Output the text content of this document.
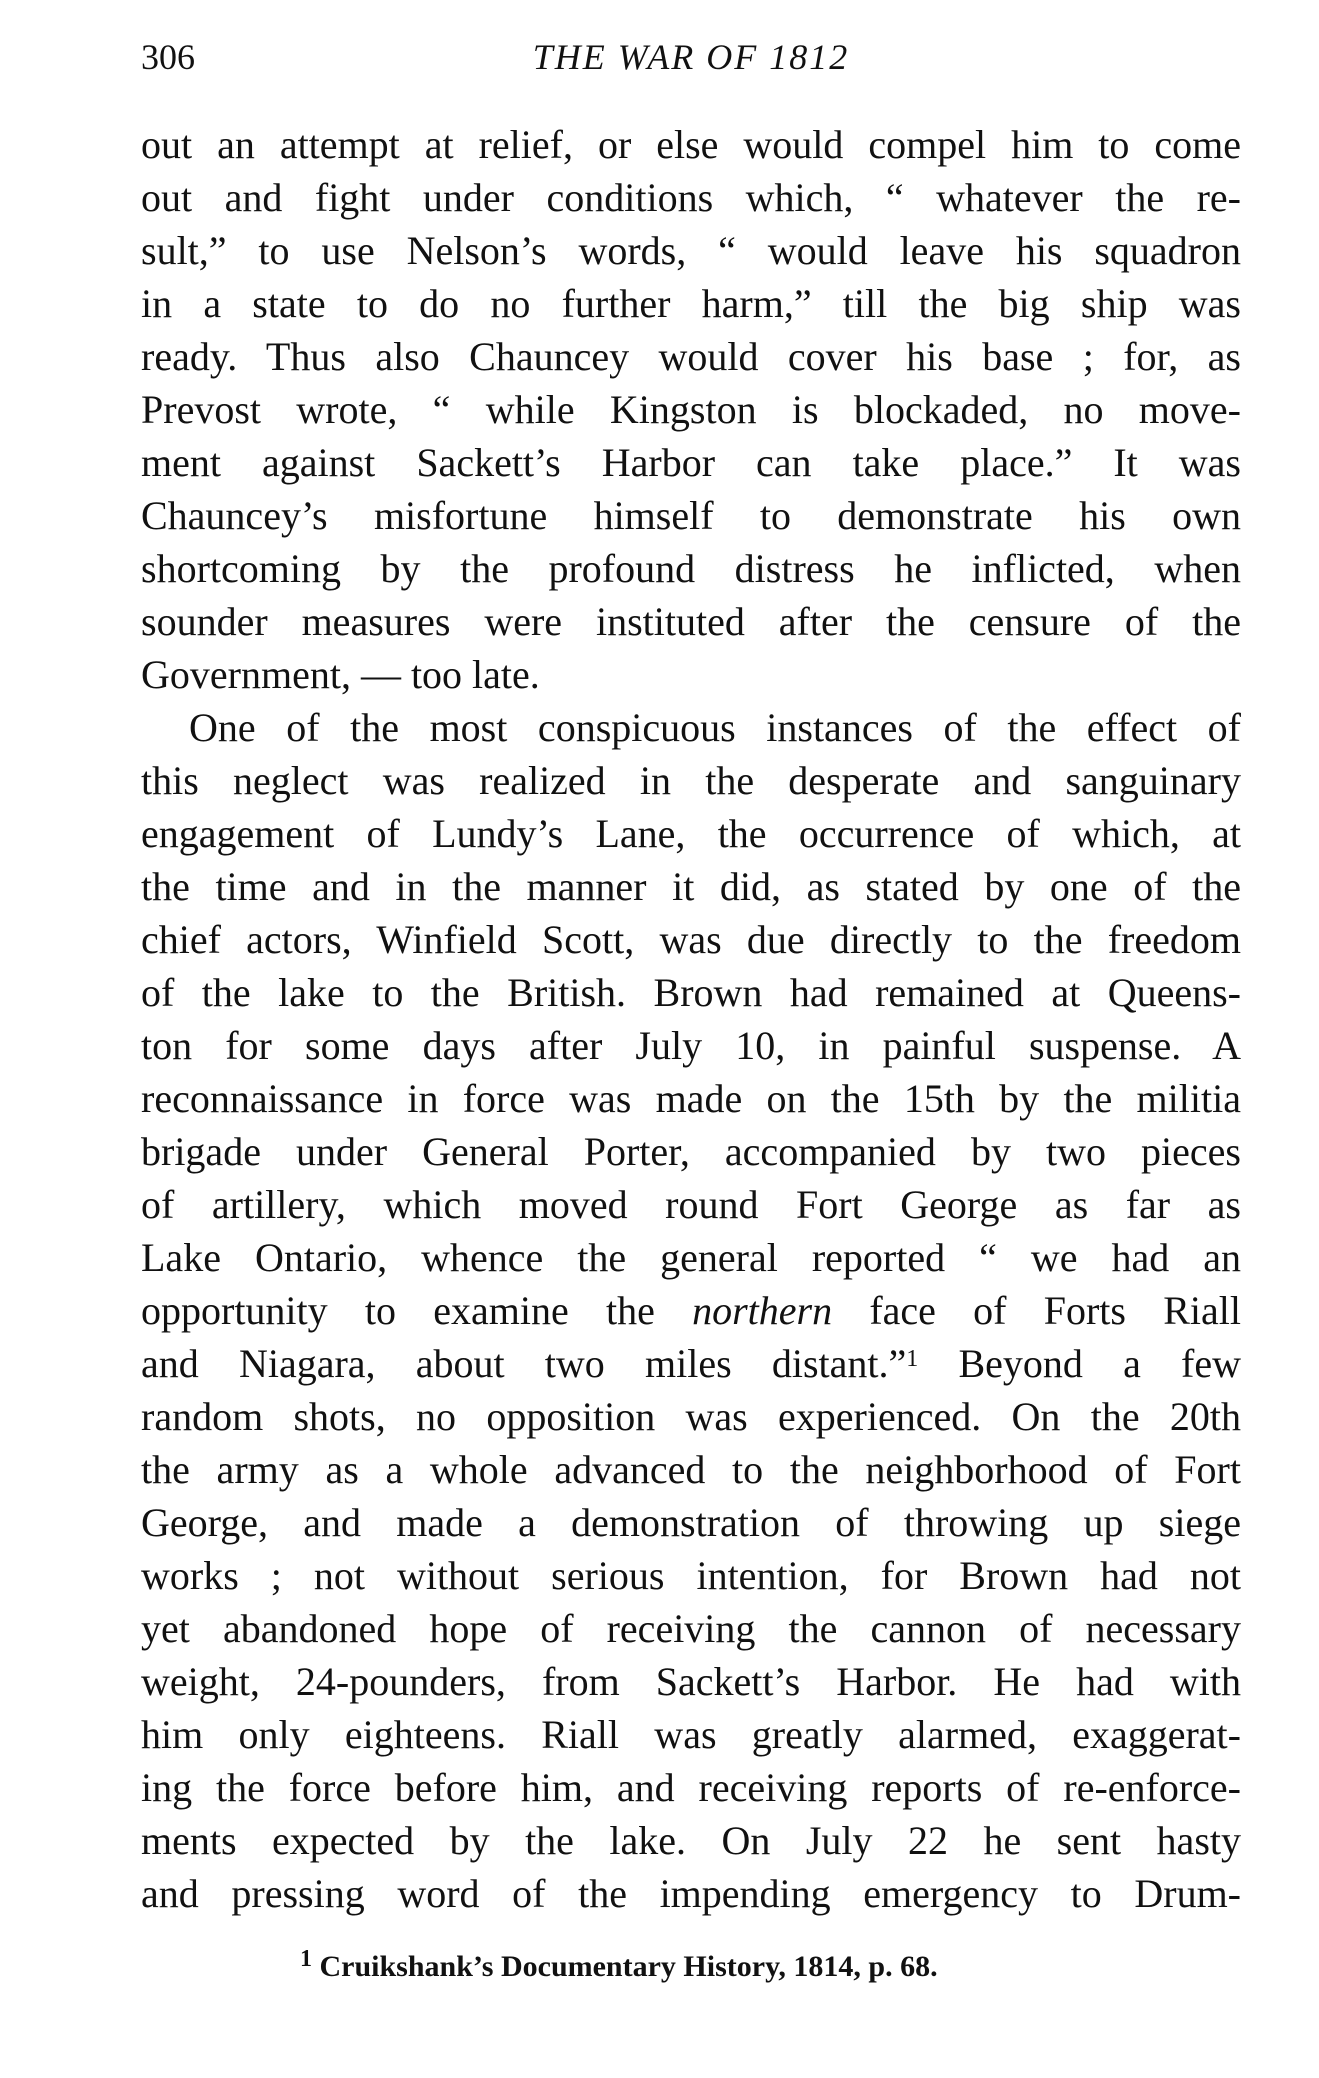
306	THE WAR OF 1812
out an attempt at relief, or else would compel him to come
out and fight under conditions which, “ whatever the re-
sult,” to use Nelson’s words, “ would leave his squadron
in a state to do no further harm,” till the big ship was
ready. Thus also Chauncey would cover his base ; for, as
Prevost wrote, “ while Kingston is blockaded, no move-
ment against Sackett’s Harbor can take place.” It was
Chauncey’s misfortune himself to demonstrate his own
shortcoming by the profound distress he inflicted, when
sounder measures were instituted after the censure of the
Government, — too late.
One of the most conspicuous instances of the effect of
this neglect was realized in the desperate and sanguinary
engagement of Lundy’s Lane, the occurrence of which, at
the time and in the manner it did, as stated by one of the
chief actors, Winfield Scott, was due directly to the freedom
of the lake to the British. Brown had remained at Queens-
ton for some days after July 10, in painful suspense. A
reconnaissance in force was made on the 15th by the militia
brigade under General Porter, accompanied by two pieces
of artillery, which moved round Fort George as far as
Lake Ontario, whence the general reported “ we had an
opportunity to examine the northern face of Forts Riall
and Niagara, about two miles distant.”$^1$ Beyond a few
random shots, no opposition was experienced. On the 20th
the army as a whole advanced to the neighborhood of Fort
George, and made a demonstration of throwing up siege
works ; not without serious intention, for Brown had not
yet abandoned hope of receiving the cannon of necessary
weight, 24-pounders, from Sackett’s Harbor. He had with
him only eighteens. Riall was greatly alarmed, exaggerat-
ing the force before him, and receiving reports of re-enforce-
ments expected by the lake. On July 22 he sent hasty
and pressing word of the impending emergency to Drum-
$^1$ Cruikshank’s Documentary History, 1814, p. 68.
